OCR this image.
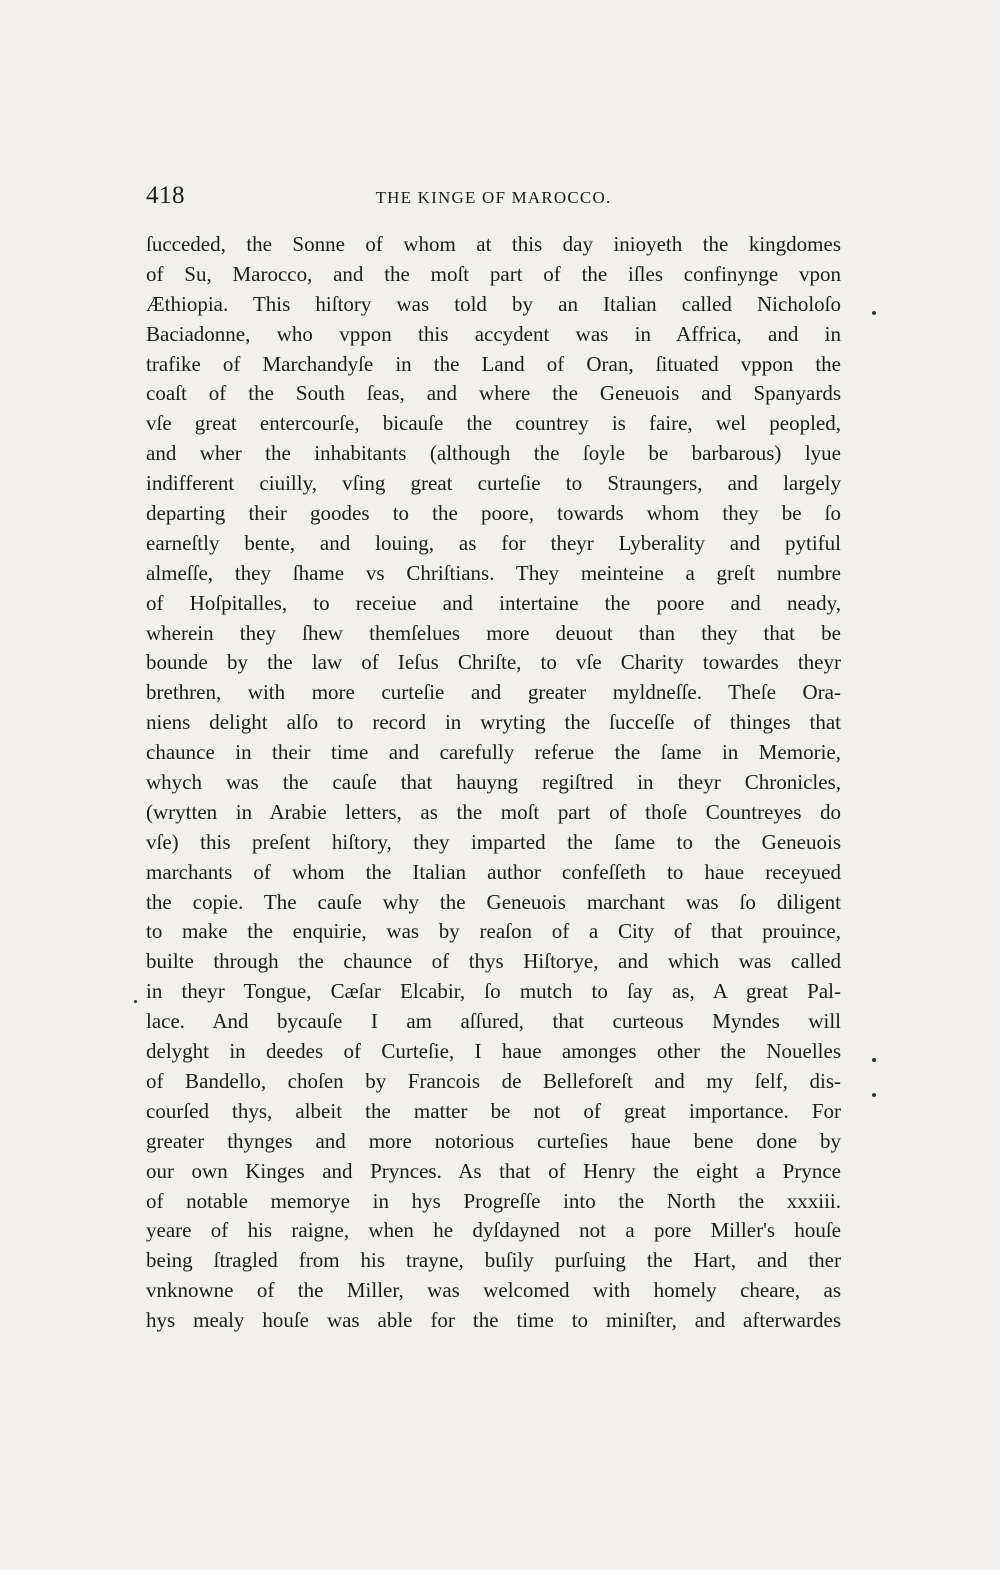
418	THE KINGE OF MAROCCO.
ſucceded, the Sonne of whom at this day inioyeth the kingdomes
of Su, Marocco, and the moſt part of the iſles confinynge vpon
Æthiopia. This hiſtory was told by an Italian called Nicholoſo
Baciadonne, who vppon this accydent was in Affrica, and in
trafike of Marchandyſe in the Land of Oran, ſituated vppon the
coaſt of the South ſeas, and where the Geneuois and Spanyards
vſe great entercourſe, bicauſe the countrey is faire, wel peopled,
and wher the inhabitants (although the ſoyle be barbarous) lyue
indifferent ciuilly, vſing great curteſie to Straungers, and largely
departing their goodes to the poore, towards whom they be ſo
earneſtly bente, and louing, as for theyr Lyberality and pytiful
almeſſe, they ſhame vs Chriſtians. They meinteine a greſt numbre
of Hoſpitalles, to receiue and intertaine the poore and neady,
wherein they ſhew themſelues more deuout than they that be
bounde by the law of Ieſus Chriſte, to vſe Charity towardes theyr
brethren, with more curteſie and greater myldneſſe. Theſe Ora-
niens delight alſo to record in wryting the ſucceſſe of thinges that
chaunce in their time and carefully referue the ſame in Memorie,
whych was the cauſe that hauyng regiſtred in theyr Chronicles,
(wrytten in Arabie letters, as the moſt part of thoſe Countreyes do
vſe) this preſent hiſtory, they imparted the ſame to the Geneuois
marchants of whom the Italian author confeſſeth to haue receyued
the copie. The cauſe why the Geneuois marchant was ſo diligent
to make the enquirie, was by reaſon of a City of that prouince,
builte through the chaunce of thys Hiſtorye, and which was called
in theyr Tongue, Cæſar Elcabir, ſo mutch to ſay as, A great Pal-
lace. And bycauſe I am aſſured, that curteous Myndes will
delyght in deedes of Curteſie, I haue amonges other the Nouelles
of Bandello, choſen by Francois de Belleforeſt and my ſelf, dis-
courſed thys, albeit the matter be not of great importance. For
greater thynges and more notorious curteſies haue bene done by
our own Kinges and Prynces. As that of Henry the eight a Prynce
of notable memorye in hys Progreſſe into the North the xxxiii.
yeare of his raigne, when he dyſdayned not a pore Miller's houſe
being ſtragled from his trayne, buſily purſuing the Hart, and ther
vnknowne of the Miller, was welcomed with homely cheare, as
hys mealy houſe was able for the time to miniſter, and afterwardes
